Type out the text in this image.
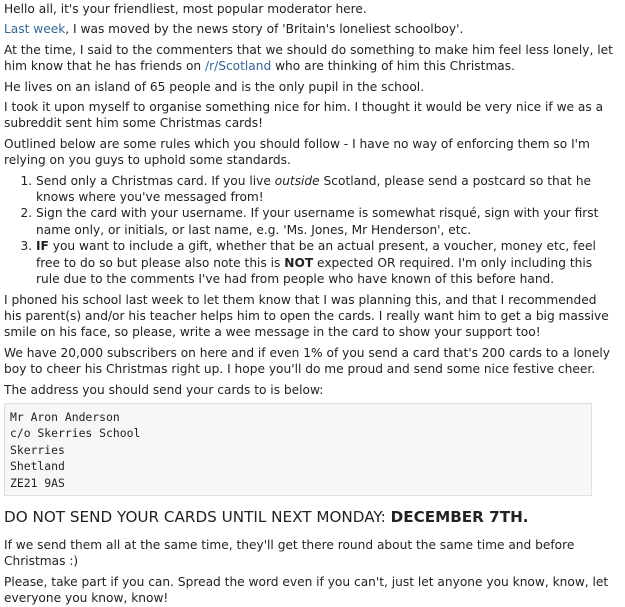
Hello all, it's your friendliest, most popular moderator here.

Last week, I was moved by the news story of 'Britain's loneliest schoolboy'.

At the time, I said to the commenters that we should do something to make him feel less lonely, let him know that he has friends on /r/Scotland who are thinking of him this Christmas.

He lives on an island of 65 people and is the only pupil in the school.

I took it upon myself to organise something nice for him. I thought it would be very nice if we as a subreddit sent him some Christmas cards!

Outlined below are some rules which you should follow - I have no way of enforcing them so I'm relying on you guys to uphold some standards.

1. Send only a Christmas card. If you live outside Scotland, please send a postcard so that he knows where you've messaged from!
2. Sign the card with your username. If your username is somewhat risqué, sign with your first name only, or initials, or last name, e.g. 'Ms. Jones, Mr Henderson', etc.
3. IF you want to include a gift, whether that be an actual present, a voucher, money etc, feel free to do so but please also note this is NOT expected OR required. I'm only including this rule due to the comments I've had from people who have known of this before hand.

I phoned his school last week to let them know that I was planning this, and that I recommended his parent(s) and/or his teacher helps him to open the cards. I really want him to get a big massive smile on his face, so please, write a wee message in the card to show your support too!

We have 20,000 subscribers on here and if even 1% of you send a card that's 200 cards to a lonely boy to cheer his Christmas right up. I hope you'll do me proud and send some nice festive cheer.

The address you should send your cards to is below:

Mr Aron Anderson
c/o Skerries School
Skerries
Shetland
ZE21 9AS
DO NOT SEND YOUR CARDS UNTIL NEXT MONDAY: DECEMBER 7TH.

If we send them all at the same time, they'll get there round about the same time and before Christmas :)

Please, take part if you can. Spread the word even if you can't, just let anyone you know, know, let everyone you know, know!
